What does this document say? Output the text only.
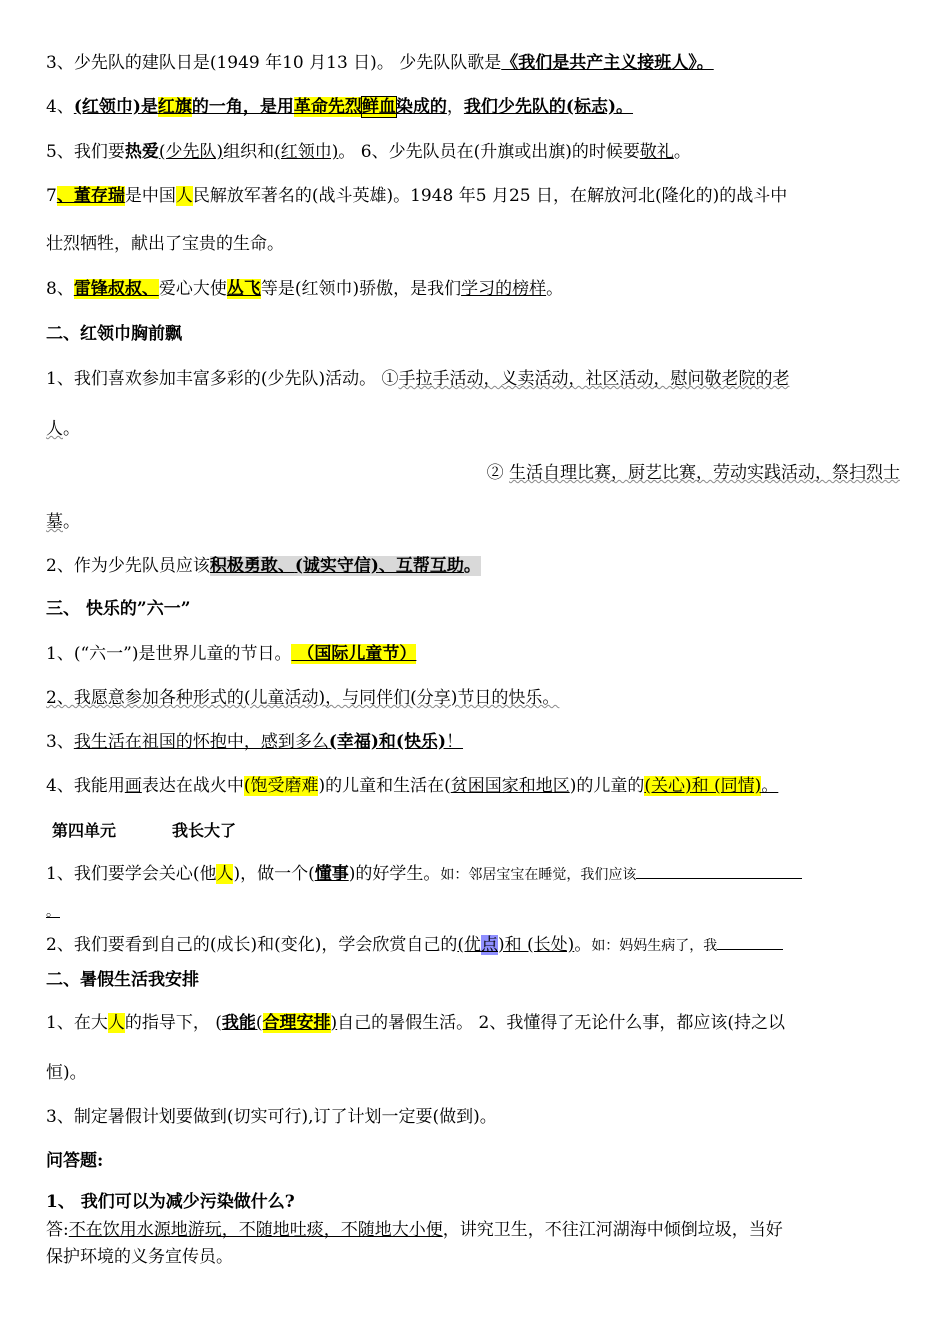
3、少先队的建队日是(1949 年10 月13 日)。 少先队队歌是《我们是共产主义接班人》。
4、(红领巾)是红旗的一角，是用革命先烈鲜血染成的，我们少先队的(标志)。
5、我们要热爱(少先队)组织和(红领巾)。 6、少先队员在(升旗或出旗)的时候要敬礼。
7、董存瑞是中国人民解放军著名的(战斗英雄)。1948 年5 月25 日，在解放河北(隆化的)的战斗中
壮烈牺牲，献出了宝贵的生命。
8、雷锋叔叔、爱心大使丛飞等是(红领巾)骄傲，是我们学习的榜样。
二、红领巾胸前飘
1、我们喜欢参加丰富多彩的(少先队)活动。 ①手拉手活动，义卖活动，社区活动，慰问敬老院的老
人。
② 生活自理比赛，厨艺比赛，劳动实践活动，祭扫烈士
墓。
2、作为少先队员应该积极勇敢、(诚实守信)、互帮互助。
三、 快乐的”六一”
1、(“六一”)是世界儿童的节日。 （国际儿童节）
2、我愿意参加各种形式的(儿童活动)，与同伴们(分享)节日的快乐。
3、我生活在祖国的怀抱中，感到多么(幸福)和(快乐)！
4、我能用画表达在战火中(饱受磨难)的儿童和生活在(贫困国家和地区)的儿童的(关心)和 (同情)。
第四单元	我长大了
1、我们要学会关心(他人)，做一个(懂事)的好学生。如：邻居宝宝在睡觉，我们应该
。
2、我们要看到自己的(成长)和(变化)，学会欣赏自己的(优点)和 (长处)。如：妈妈生病了，我
二、暑假生活我安排
1、在大人的指导下， (我能(合理安排)自己的暑假生活。 2、我懂得了无论什么事，都应该(持之以
恒)。
3、制定暑假计划要做到(切实可行),订了计划一定要(做到)。
问答题:
1、 我们可以为减少污染做什么?
答:不在饮用水源地游玩，不随地吐痰，不随地大小便，讲究卫生，不往江河湖海中倾倒垃圾，当好
保护环境的义务宣传员。
